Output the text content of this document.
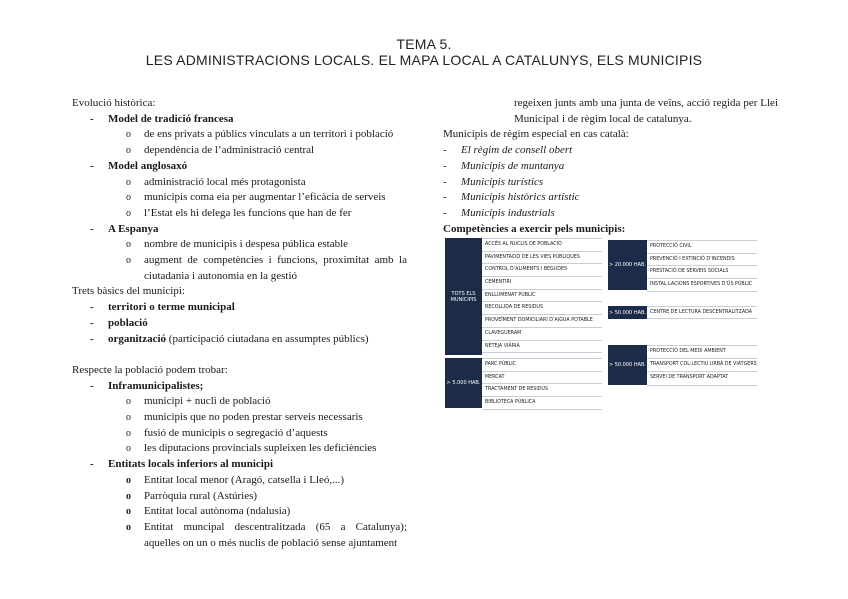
TEMA 5.
LES ADMINISTRACIONS LOCALS. EL MAPA LOCAL A CATALUNYS, ELS MUNICIPIS
Evolució històrica:
- Model de tradició francesa
o de ens privats a públics vinculats a un territori i població
o dependència de l’administració central
- Model anglosaxó
o administració local més protagonista
o municipis coma eia per augmentar l’eficàcia de serveis
o l’Estat els hi delega les funcions que han de fer
- A Espanya
o nombre de municipis i despesa pública estable
o augment de competències i funcions, proximitat amb la ciutadania i autonomia en la gestió
Trets bàsics del municipi:
- territori o terme municipal
- població
- organització (participació ciutadana en assumptes públics)
Respecte la població podem trobar:
- Inframunicipalistes;
o municipi + nucli de població
o municipis que no poden prestar serveis necessaris
o fusió de municipis o segregació d’aquests
o les diputacions provincials supleixen les deficiències
- Entitats locals inferiors al municipi
o Entitat local menor (Aragó, catsella i Lleó,...)
o Parròquia rural (Astúries)
o Entitat local autònoma (ndalusia)
o Entitat muncipal descentralitzada (65 a Catalunya); aquelles on un o més nuclis de població sense ajuntament
regeixen junts amb una junta de veïns, acció regida per Llei Municipal i de règim local de catalunya.
Municipis de règim especial en cas català:
- El règim de consell obert
- Municipis de muntanya
- Municipis turístics
- Municipis històrics artístic
- Municipis industrials
Competències a exercir pels municipis:
TOTS ELS MUNICIPIS
ACCÉS AL NUCLIS DE POBLACIÓ
PAVIMENTACIÓ DE LES VIES PÚBLIQUES
CONTROL D’ALIMENTS I BEGUDES
CEMENTIRI
ENLLUMENAT PÚBLIC
RECOLLIDA DE RESIDUS
PROVEÏMENT DOMICILIARI D’AIGUA POTABLE
CLAVEGUERAM
NETEJA VIÀRIA
> 5.000 HAB.
PARC PÚBLIC
MERCAT
TRACTAMENT DE RESIDUS
BIBLIOTECA PÚBLICA
> 20.000 HAB.
PROTECCIÓ CIVIL
PREVENCIÓ I EXTINCIÓ D’INCENDIS
PRESTACIÓ DE SERVEIS SOCIALS
INSTAL·LACIONS ESPORTIVES D’ÚS PÚBLIC
> 50.000 HAB. CENTRE DE LECTURA DESCENTRALITZADA
> 50.000 HAB.
PROTECCIÓ DEL MEDI AMBIENT
TRANSPORT COL·LECTIU URBÀ DE VIATGERS
SERVEI DE TRANSPORT ADAPTAT
